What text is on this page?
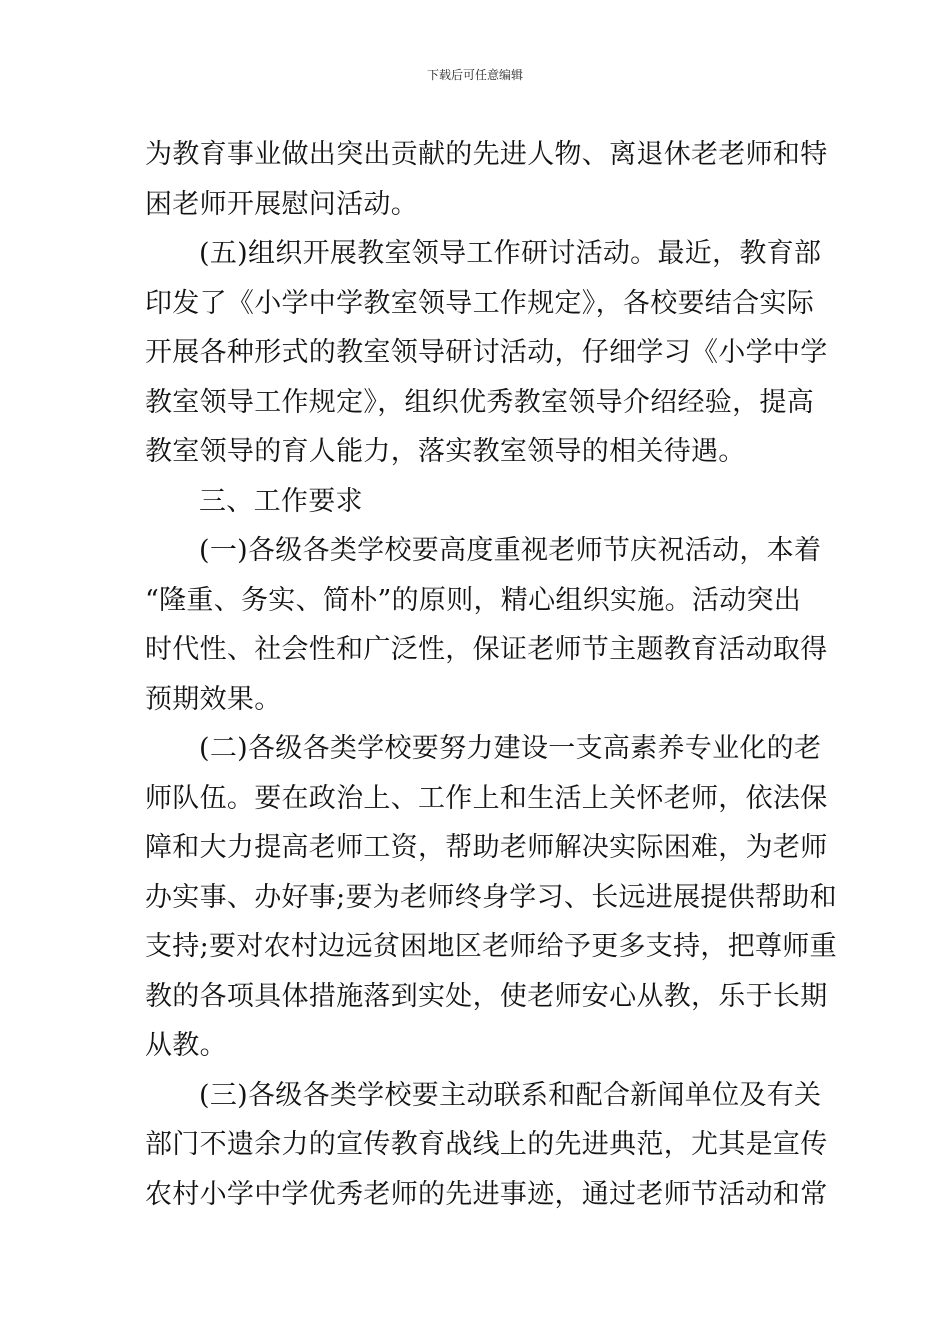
下载后可任意编辑
为教育事业做出突出贡献的先进人物、离退休老老师和特
困老师开展慰问活动。
(五)组织开展教室领导工作研讨活动。最近，教育部
印发了《小学中学教室领导工作规定》，各校要结合实际
开展各种形式的教室领导研讨活动，仔细学习《小学中学
教室领导工作规定》，组织优秀教室领导介绍经验，提高
教室领导的育人能力，落实教室领导的相关待遇。
三、工作要求
(一)各级各类学校要高度重视老师节庆祝活动，本着
“隆重、务实、简朴”的原则，精心组织实施。活动突出
时代性、社会性和广泛性，保证老师节主题教育活动取得
预期效果。
(二)各级各类学校要努力建设一支高素养专业化的老
师队伍。要在政治上、工作上和生活上关怀老师，依法保
障和大力提高老师工资，帮助老师解决实际困难，为老师
办实事、办好事;要为老师终身学习、长远进展提供帮助和
支持;要对农村边远贫困地区老师给予更多支持，把尊师重
教的各项具体措施落到实处，使老师安心从教，乐于长期
从教。
(三)各级各类学校要主动联系和配合新闻单位及有关
部门不遗余力的宣传教育战线上的先进典范，尤其是宣传
农村小学中学优秀老师的先进事迹，通过老师节活动和常
